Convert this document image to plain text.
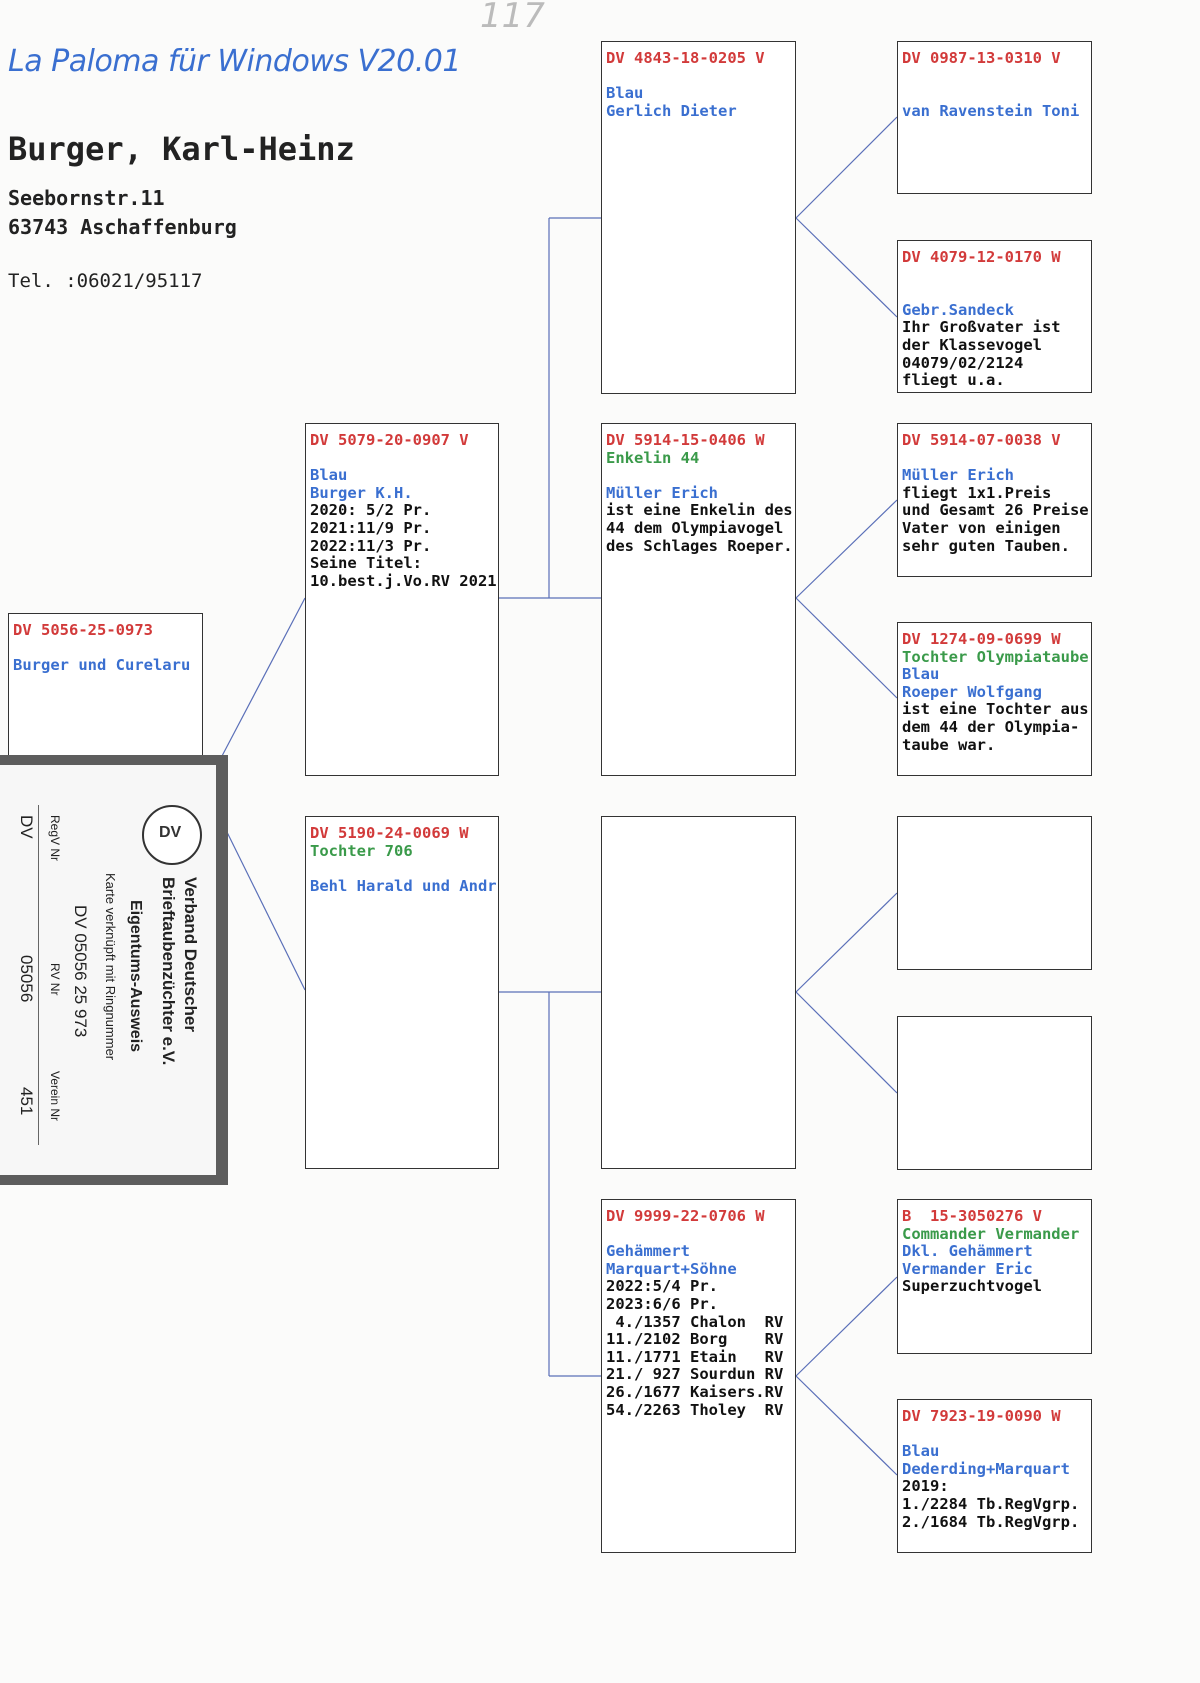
117
La Paloma für Windows V20.01
Burger, Karl-Heinz
Seebornstr.11
63743 Aschaffenburg
Tel. :06021/95117
DV 5056-25-0973
Burger und Curelaru
DV 5079-20-0907 V
Blau
Burger K.H.
2020: 5/2 Pr.
2021:11/9 Pr.
2022:11/3 Pr.
Seine Titel:
10.best.j.Vo.RV 2021
DV 5190-24-0069 W
Tochter 706
Behl Harald und Andr
DV 4843-18-0205 V
Blau
Gerlich Dieter
DV 5914-15-0406 W
Enkelin 44
Müller Erich
ist eine Enkelin des
44 dem Olympiavogel
des Schlages Roeper.
DV 9999-22-0706 W
Gehämmert
Marquart+Söhne
2022:5/4 Pr.
2023:6/6 Pr.
4./1357 Chalon  RV
11./2102 Borg    RV
11./1771 Etain   RV
21./ 927 Sourdun RV
26./1677 Kaisers.RV
54./2263 Tholey  RV
DV 0987-13-0310 V
van Ravenstein Toni
DV 4079-12-0170 W
Gebr.Sandeck
Ihr Großvater ist
der Klassevogel
04079/02/2124
fliegt u.a.
DV 5914-07-0038 V
Müller Erich
fliegt 1x1.Preis
und Gesamt 26 Preise
Vater von einigen
sehr guten Tauben.
DV 1274-09-0699 W
Tochter Olympiataube
Blau
Roeper Wolfgang
ist eine Tochter aus
dem 44 der Olympia-
taube war.
B  15-3050276 V
Commander Vermander
Dkl. Gehämmert
Vermander Eric
Superzuchtvogel
DV 7923-19-0090 W
Blau
Dederding+Marquart
2019:
1./2284 Tb.RegVgrp.
2./1684 Tb.RegVgrp.
DV
Verband Deutscher
Brieftaubenzüchter e.V.
Eigentums-Ausweis
Karte verknüpft mit Ringnummer
DV 05056 25 973
RegV Nr
RV Nr
Verein Nr
DV
05056
451
